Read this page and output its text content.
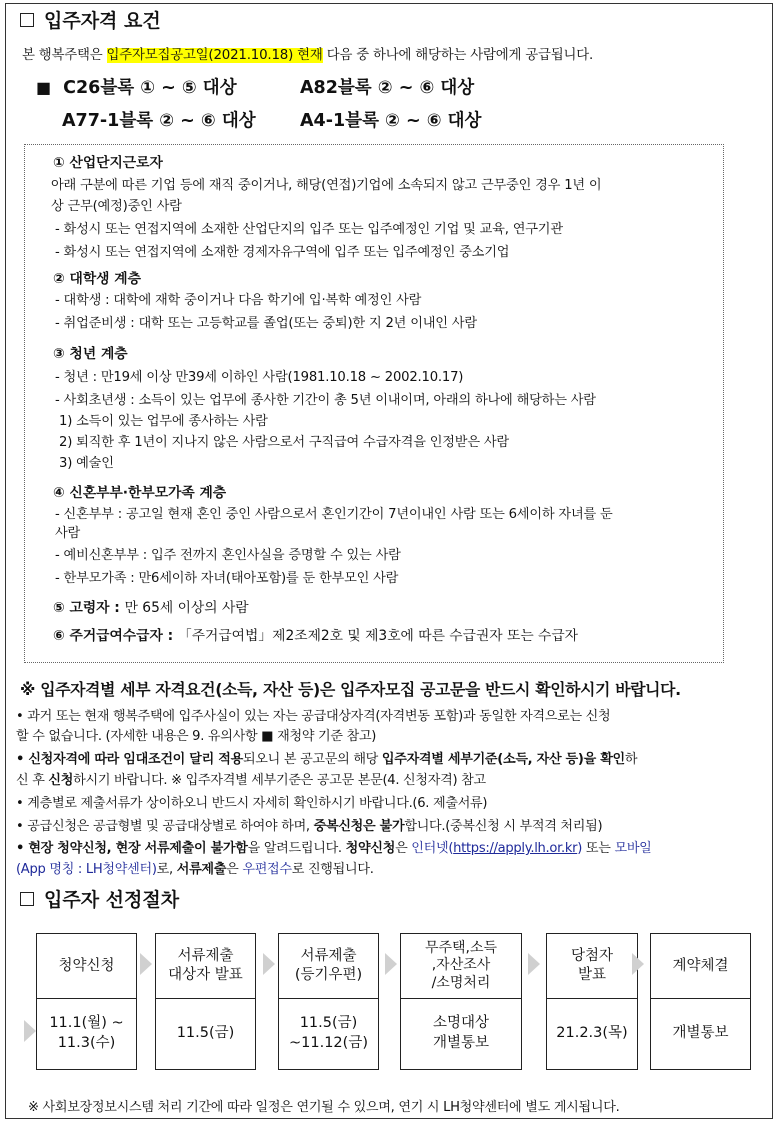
입주자격 요건
본 행복주택은 입주자모집공고일(2021.10.18) 현재 다음 중 하나에 해당하는 사람에게 공급됩니다.
■ C26블록 ① ~ ⑤ 대상	A82블록 ② ~ ⑥ 대상
A77-1블록 ② ~ ⑥ 대상	A4-1블록 ② ~ ⑥ 대상
① 산업단지근로자
아래 구분에 따른 기업 등에 재직 중이거나, 해당(연접)기업에 소속되지 않고 근무중인 경우 1년 이
상 근무(예정)중인 사람
- 화성시 또는 연접지역에 소재한 산업단지의 입주 또는 입주예정인 기업 및 교육, 연구기관
- 화성시 또는 연접지역에 소재한 경제자유구역에 입주 또는 입주예정인 중소기업
② 대학생 계층
- 대학생 : 대학에 재학 중이거나 다음 학기에 입·복학 예정인 사람
- 취업준비생 : 대학 또는 고등학교를 졸업(또는 중퇴)한 지 2년 이내인 사람
③ 청년 계층
- 청년 : 만19세 이상 만39세 이하인 사람(1981.10.18 ~ 2002.10.17)
- 사회초년생 : 소득이 있는 업무에 종사한 기간이 총 5년 이내이며, 아래의 하나에 해당하는 사람
1) 소득이 있는 업무에 종사하는 사람
2) 퇴직한 후 1년이 지나지 않은 사람으로서 구직급여 수급자격을 인정받은 사람
3) 예술인
④ 신혼부부·한부모가족 계층
- 신혼부부 : 공고일 현재 혼인 중인 사람으로서 혼인기간이 7년이내인 사람 또는 6세이하 자녀를 둔
사람
- 예비신혼부부 : 입주 전까지 혼인사실을 증명할 수 있는 사람
- 한부모가족 : 만6세이하 자녀(태아포함)를 둔 한부모인 사람
⑤ 고령자 : 만 65세 이상의 사람
⑥ 주거급여수급자 : 「주거급여법」제2조제2호 및 제3호에 따른 수급권자 또는 수급자
※ 입주자격별 세부 자격요건(소득, 자산 등)은 입주자모집 공고문을 반드시 확인하시기 바랍니다.
• 과거 또는 현재 행복주택에 입주사실이 있는 자는 공급대상자격(자격변동 포함)과 동일한 자격으로는 신청
할 수 없습니다. (자세한 내용은 9. 유의사항 ■ 재청약 기준 참고)
• 신청자격에 따라 임대조건이 달리 적용되오니 본 공고문의 해당 입주자격별 세부기준(소득, 자산 등)을 확인하
신 후 신청하시기 바랍니다. ※ 입주자격별 세부기준은 공고문 본문(4. 신청자격) 참고
• 계층별로 제출서류가 상이하오니 반드시 자세히 확인하시기 바랍니다.(6. 제출서류)
• 공급신청은 공급형별 및 공급대상별로 하여야 하며, 중복신청은 불가합니다.(중복신청 시 부적격 처리됨)
• 현장 청약신청, 현장 서류제출이 불가함을 알려드립니다. 청약신청은 인터넷(https://apply.lh.or.kr) 또는 모바일
(App 명칭 : LH청약센터)로, 서류제출은 우편접수로 진행됩니다.
입주자 선정절차
청약신청
11.1(월) ~
11.3(수)
서류제출
대상자 발표
11.5(금)
서류제출
(등기우편)
11.5(금)
~11.12(금)
무주택,소득
,자산조사
/소명처리
소명대상
개별통보
당첨자
발표
21.2.3(목)
계약체결
개별통보
※ 사회보장정보시스템 처리 기간에 따라 일정은 연기될 수 있으며, 연기 시 LH청약센터에 별도 게시됩니다.
